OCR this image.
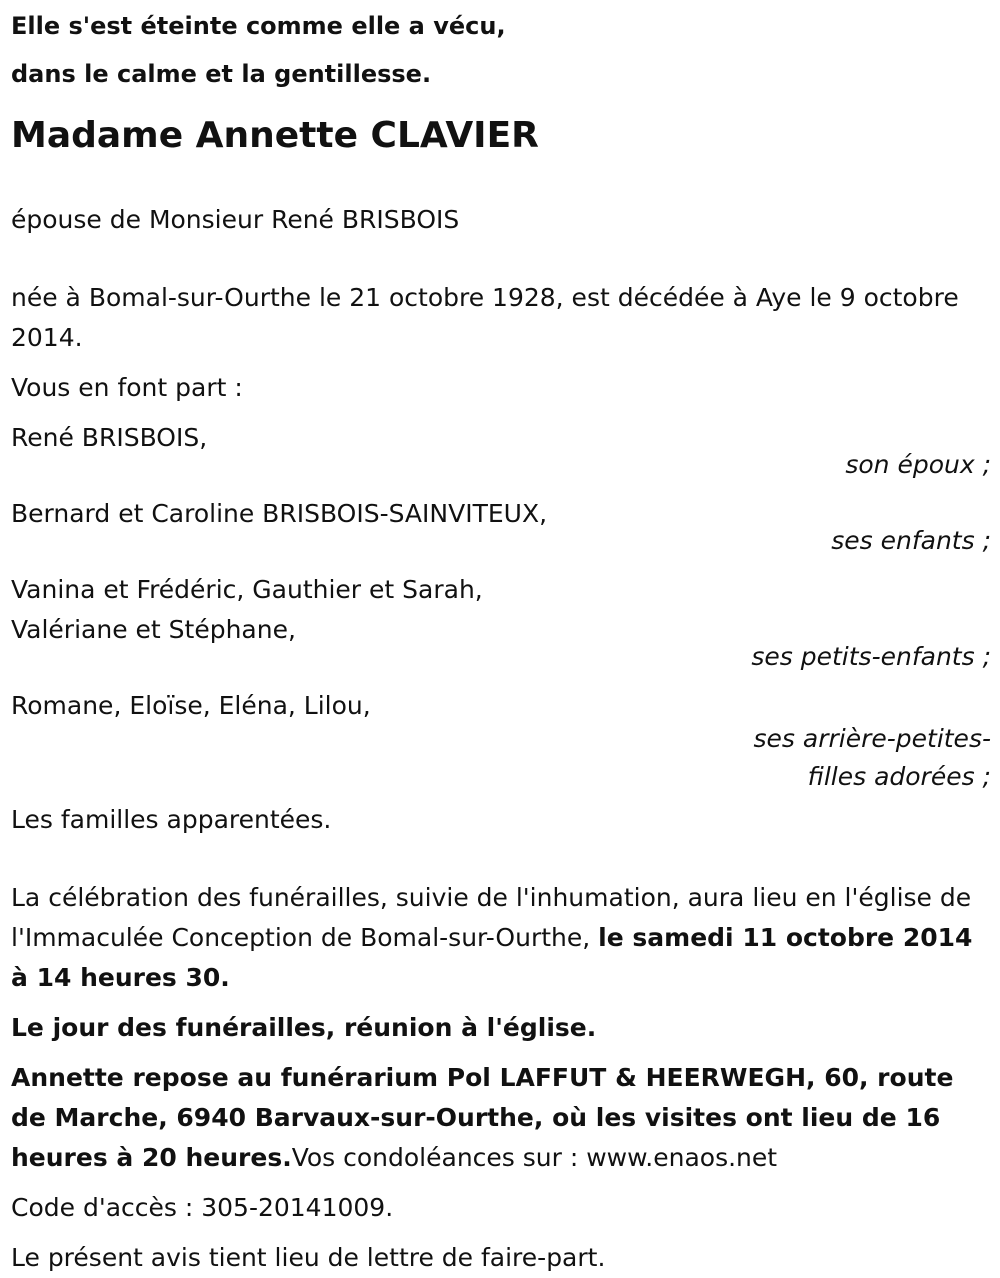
Elle s'est éteinte comme elle a vécu,
dans le calme et la gentillesse.
Madame Annette CLAVIER

épouse de Monsieur René BRISBOIS

née à Bomal-sur-Ourthe le 21 octobre 1928, est décédée à Aye le 9 octobre 2014.

Vous en font part :

René BRISBOIS,
son époux ;
Bernard et Caroline BRISBOIS-SAINVITEUX,
ses enfants ;
Vanina et Frédéric, Gauthier et Sarah,
Valériane et Stéphane,
ses petits-enfants ;
Romane, Eloïse, Eléna, Lilou,
ses arrière-petites-filles adorées ;

Les familles apparentées.

La célébration des funérailles, suivie de l'inhumation, aura lieu en l'église de l'Immaculée Conception de Bomal-sur-Ourthe, le samedi 11 octobre 2014 à 14 heures 30.

Le jour des funérailles, réunion à l'église.

Annette repose au funérarium Pol LAFFUT & HEERWEGH, 60, route de Marche, 6940 Barvaux-sur-Ourthe, où les visites ont lieu de 16 heures à 20 heures.Vos condoléances sur : www.enaos.net

Code d'accès : 305-20141009.

Le présent avis tient lieu de lettre de faire-part.
